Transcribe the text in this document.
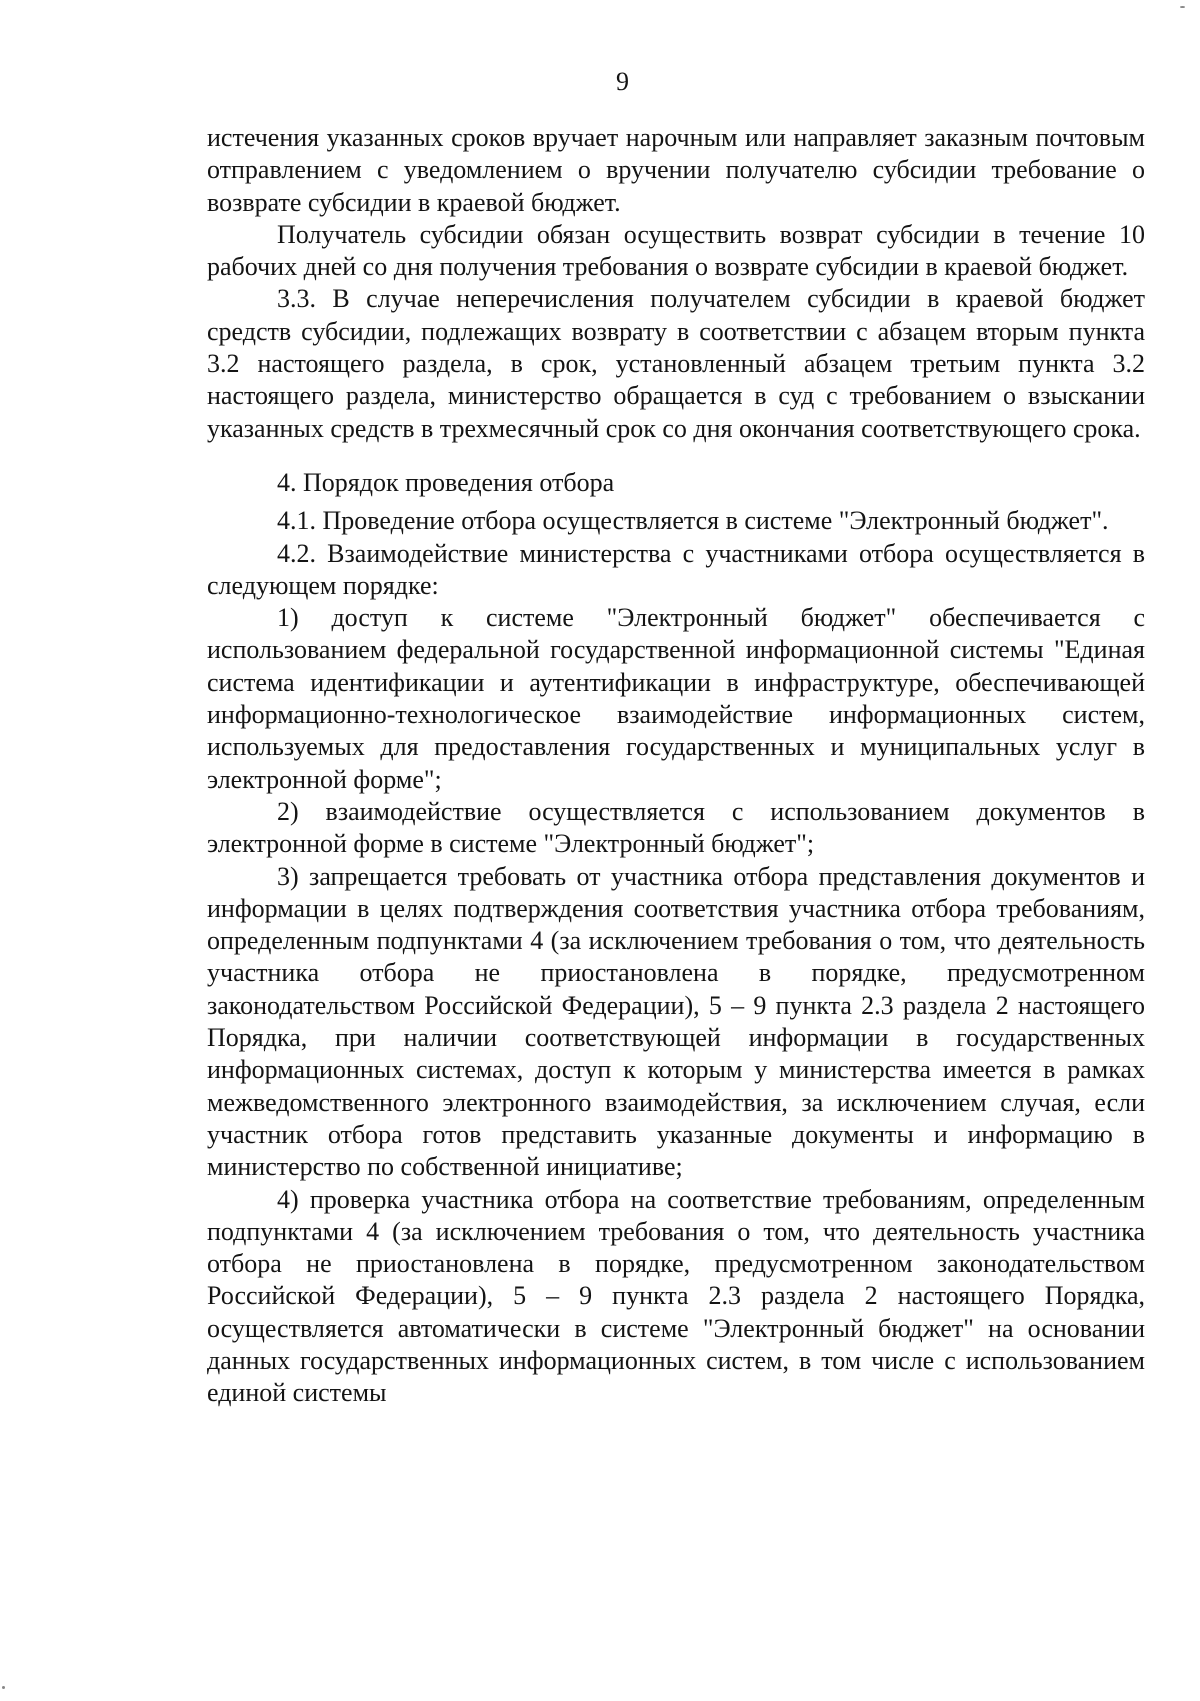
9

истечения указанных сроков вручает нарочным или направляет заказным почтовым отправлением с уведомлением о вручении получателю субсидии требование о возврате субсидии в краевой бюджет.

Получатель субсидии обязан осуществить возврат субсидии в течение 10 рабочих дней со дня получения требования о возврате субсидии в краевой бюджет.

3.3. В случае неперечисления получателем субсидии в краевой бюджет средств субсидии, подлежащих возврату в соответствии с абзацем вторым пункта 3.2 настоящего раздела, в срок, установленный абзацем третьим пункта 3.2 настоящего раздела, министерство обращается в суд с требованием о взыскании указанных средств в трехмесячный срок со дня окончания соответствующего срока.

4. Порядок проведения отбора

4.1. Проведение отбора осуществляется в системе "Электронный бюджет".

4.2. Взаимодействие министерства с участниками отбора осуществляется в следующем порядке:

1) доступ к системе "Электронный бюджет" обеспечивается с использованием федеральной государственной информационной системы "Единая система идентификации и аутентификации в инфраструктуре, обеспечивающей информационно-технологическое взаимодействие информационных систем, используемых для предоставления государственных и муниципальных услуг в электронной форме";

2) взаимодействие осуществляется с использованием документов в электронной форме в системе "Электронный бюджет";

3) запрещается требовать от участника отбора представления документов и информации в целях подтверждения соответствия участника отбора требованиям, определенным подпунктами 4 (за исключением требования о том, что деятельность участника отбора не приостановлена в порядке, предусмотренном законодательством Российской Федерации), 5 – 9 пункта 2.3 раздела 2 настоящего Порядка, при наличии соответствующей информации в государственных информационных системах, доступ к которым у министерства имеется в рамках межведомственного электронного взаимодействия, за исключением случая, если участник отбора готов представить указанные документы и информацию в министерство по собственной инициативе;

4) проверка участника отбора на соответствие требованиям, определенным подпунктами 4 (за исключением требования о том, что деятельность участника отбора не приостановлена в порядке, предусмотренном законодательством Российской Федерации), 5 – 9 пункта 2.3 раздела 2 настоящего Порядка, осуществляется автоматически в системе "Электронный бюджет" на основании данных государственных информационных систем, в том числе с использованием единой системы
